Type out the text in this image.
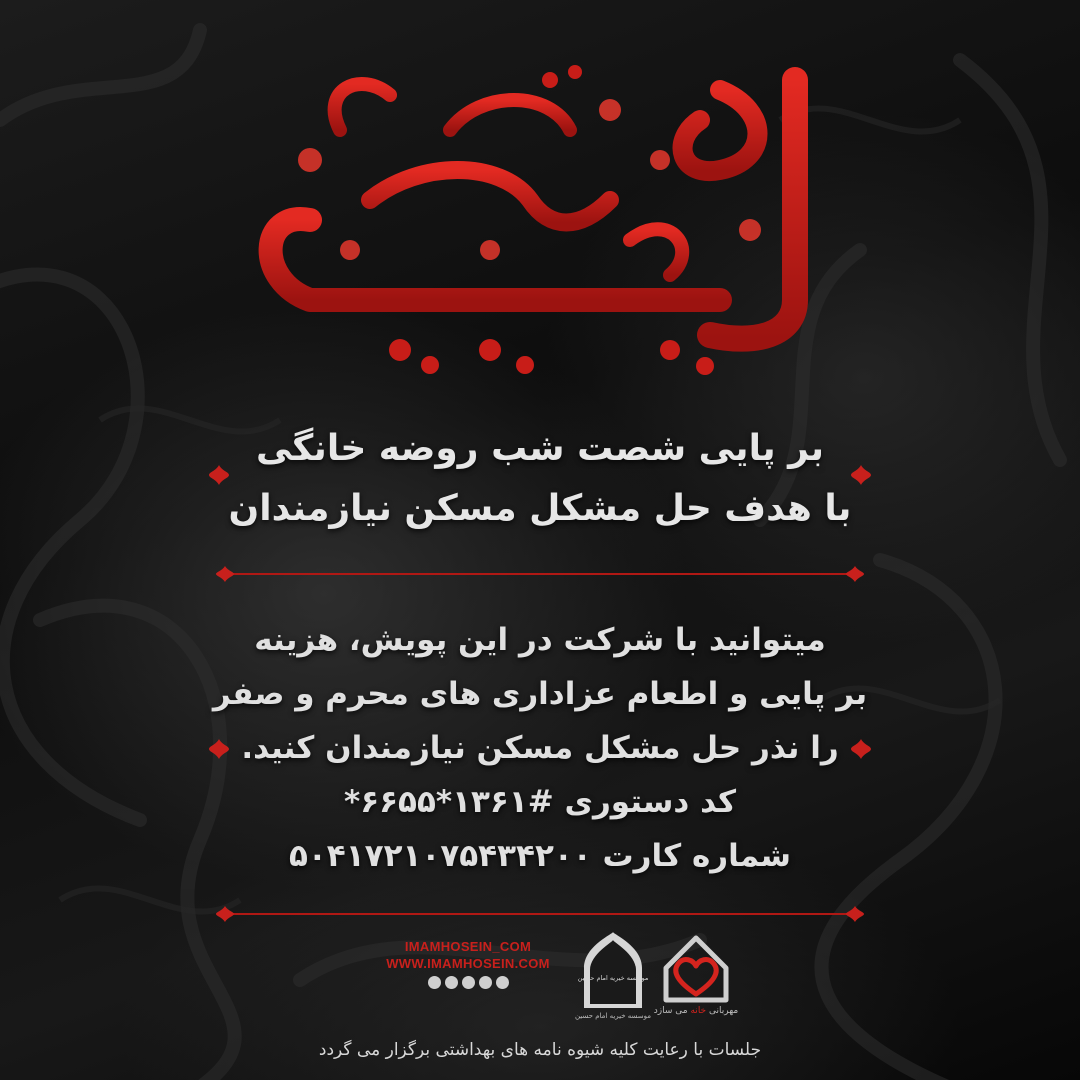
بر پایی شصت شب روضه خانگی
با هدف حل مشکل مسکن نیازمندان
میتوانید با شرکت در این پویش، هزینه
بر پایی و اطعام عزاداری های محرم و صفر
را نذر حل مشکل مسکن نیازمندان کنید.
کد دستوری #۱۳۶۱*۶۶۵۵*
شماره کارت ۵۰۴۱۷۲۱۰۷۵۴۳۴۲۰۰
IMAMHOSEIN_COM
WWW.IMAMHOSEIN.COM
موسسه خیریه امام حسین
موسسه خیریه امام حسین	مهربانی خانه می سازد
جلسات با رعایت کلیه شیوه نامه های بهداشتی برگزار می گردد
